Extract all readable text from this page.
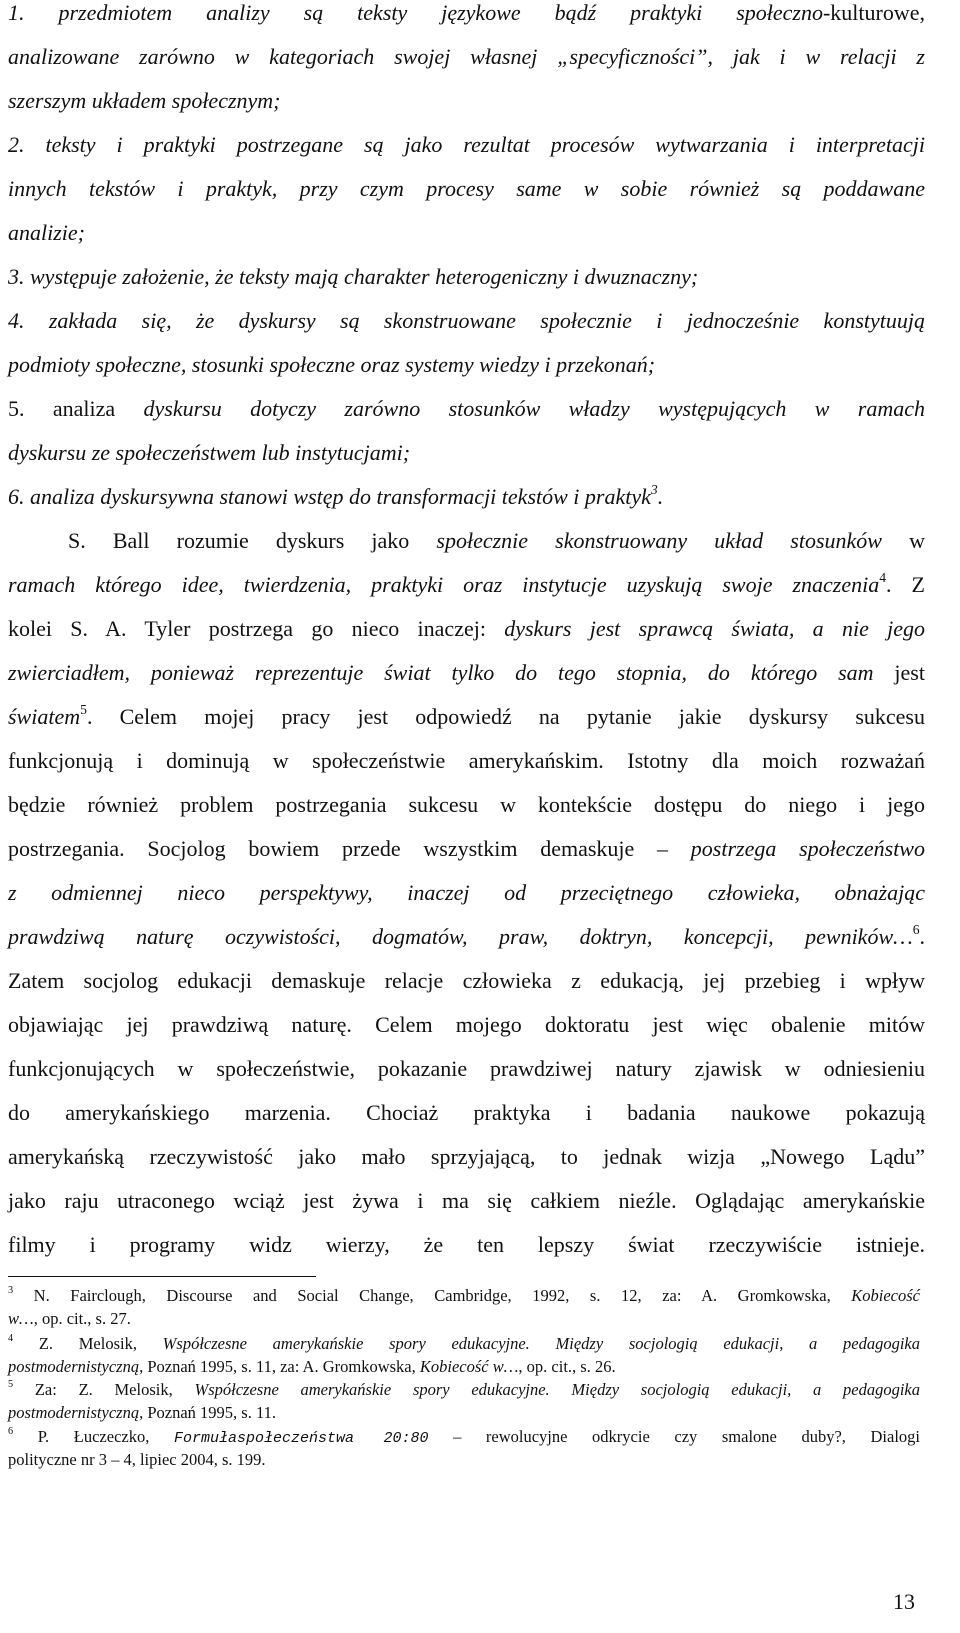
1. przedmiotem analizy są teksty językowe bądź praktyki społeczno-kulturowe,
analizowane zarówno w kategoriach swojej własnej „specyficzności”, jak i w relacji z
szerszym układem społecznym;
2. teksty i praktyki postrzegane są jako rezultat procesów wytwarzania i interpretacji
innych tekstów i praktyk, przy czym procesy same w sobie również są poddawane
analizie;
3. występuje założenie, że teksty mają charakter heterogeniczny i dwuznaczny;
4. zakłada się, że dyskursy są skonstruowane społecznie i jednocześnie konstytuują
podmioty społeczne, stosunki społeczne oraz systemy wiedzy i przekonań;
5. analiza dyskursu dotyczy zarówno stosunków władzy występujących w ramach
dyskursu ze społeczeństwem lub instytucjami;
6. analiza dyskursywna stanowi wstęp do transformacji tekstów i praktyk$^3$.
S. Ball rozumie dyskurs jako społecznie skonstruowany układ stosunków w
ramach którego idee, twierdzenia, praktyki oraz instytucje uzyskują swoje znaczenia$^4$. Z
kolei S. A. Tyler postrzega go nieco inaczej: dyskurs jest sprawcą świata, a nie jego
zwierciadłem, ponieważ reprezentuje świat tylko do tego stopnia, do którego sam jest
światem$^5$. Celem mojej pracy jest odpowiedź na pytanie jakie dyskursy sukcesu
funkcjonują i dominują w społeczeństwie amerykańskim. Istotny dla moich rozważań
będzie również problem postrzegania sukcesu w kontekście dostępu do niego i jego
postrzegania. Socjolog bowiem przede wszystkim demaskuje – postrzega społeczeństwo
z odmiennej nieco perspektywy, inaczej od przeciętnego człowieka, obnażając
prawdziwą naturę oczywistości, dogmatów, praw, doktryn, koncepcji, pewników…$^6$.
Zatem socjolog edukacji demaskuje relacje człowieka z edukacją, jej przebieg i wpływ
objawiając jej prawdziwą naturę. Celem mojego doktoratu jest więc obalenie mitów
funkcjonujących w społeczeństwie, pokazanie prawdziwej natury zjawisk w odniesieniu
do amerykańskiego marzenia. Chociaż praktyka i badania naukowe pokazują
amerykańską rzeczywistość jako mało sprzyjającą, to jednak wizja „Nowego Lądu”
jako raju utraconego wciąż jest żywa i ma się całkiem nieźle. Oglądając amerykańskie
filmy i programy widz wierzy, że ten lepszy świat rzeczywiście istnieje.
$^3$ N. Fairclough, Discourse and Social Change, Cambridge, 1992, s. 12, za: A. Gromkowska, Kobiecość
w…, op. cit., s. 27.
$^4$ Z. Melosik, Współczesne amerykańskie spory edukacyjne. Między socjologią edukacji, a pedagogika
postmodernistyczną, Poznań 1995, s. 11, za: A. Gromkowska, Kobiecość w…, op. cit., s. 26.
$^5$ Za: Z. Melosik, Współczesne amerykańskie spory edukacyjne. Między socjologią edukacji, a pedagogika
postmodernistyczną, Poznań 1995, s. 11.
$^6$ P. Łuczeczko, Formułaspołeczeństwa 20:80 – rewolucyjne odkrycie czy smalone duby?, Dialogi
polityczne nr 3 – 4, lipiec 2004, s. 199.
13
